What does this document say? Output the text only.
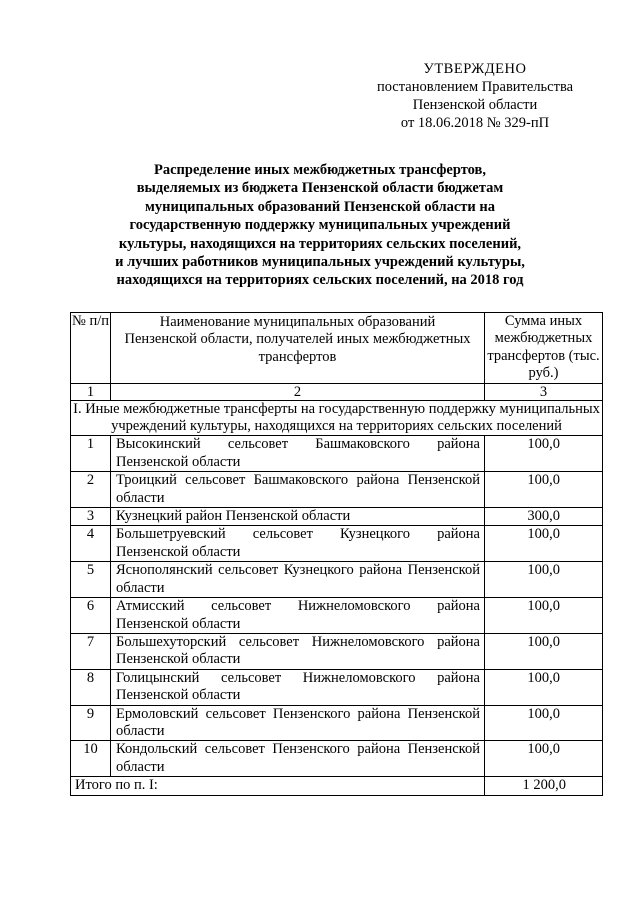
УТВЕРЖДЕНО
постановлением Правительства
Пензенской области
от 18.06.2018 № 329-пП
Распределение иных межбюджетных трансфертов,
выделяемых из бюджета Пензенской области бюджетам
муниципальных образований Пензенской области на
государственную поддержку муниципальных учреждений
культуры, находящихся на территориях сельских поселений,
и лучших работников муниципальных учреждений культуры,
находящихся на территориях сельских поселений, на 2018 год
№ п/п	Наименование муниципальных образований Пензенской области, получателей иных межбюджетных трансфертов	Сумма иных межбюджетных трансфертов (тыс. руб.)
1	2	3
I. Иные межбюджетные трансферты на государственную поддержку муниципальных учреждений культуры, находящихся на территориях сельских поселений		
1	Высокинский сельсовет Башмаковского района Пензенской области	100,0
2	Троицкий сельсовет Башмаковского района Пензенской области	100,0
3	Кузнецкий район Пензенской области	300,0
4	Большетруевский сельсовет Кузнецкого района Пензенской области	100,0
5	Яснополянский сельсовет Кузнецкого района Пензенской области	100,0
6	Атмисский сельсовет Нижнеломовского района Пензенской области	100,0
7	Большехуторский сельсовет Нижнеломовского района Пензенской области	100,0
8	Голицынский сельсовет Нижнеломовского района Пензенской области	100,0
9	Ермоловский сельсовет Пензенского района Пензенской области	100,0
10	Кондольский сельсовет Пензенского района Пензенской области	100,0
Итого по п. I:		1 200,0
